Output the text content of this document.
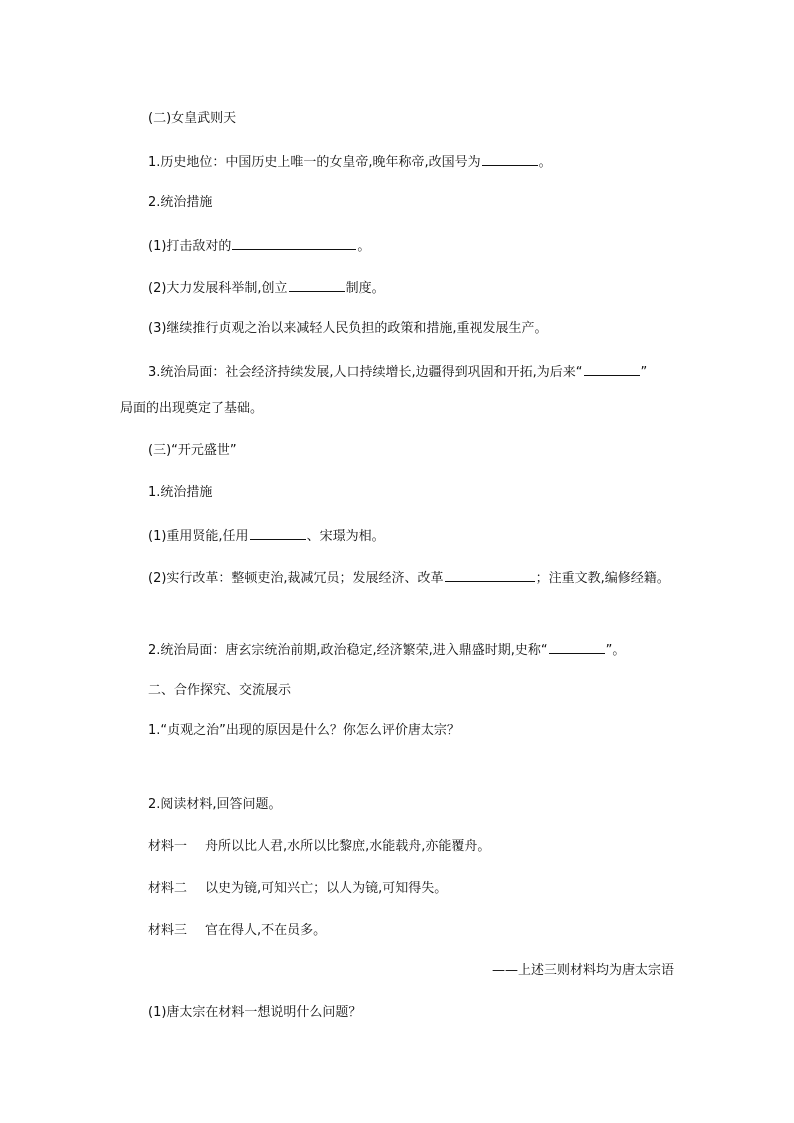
(二)女皇武则天
1.历史地位：中国历史上唯一的女皇帝,晚年称帝,改国号为	。
2.统治措施
(1)打击敌对的	。
(2)大力发展科举制,创立	制度。
(3)继续推行贞观之治以来减轻人民负担的政策和措施,重视发展生产。
3.统治局面：社会经济持续发展,人口持续增长,边疆得到巩固和开拓,为后来“	”
局面的出现奠定了基础。
(三)“开元盛世”
1.统治措施
(1)重用贤能,任用	、宋璟为相。
(2)实行改革：整顿吏治,裁减冗员；发展经济、改革	；注重文教,编修经籍。
2.统治局面：唐玄宗统治前期,政治稳定,经济繁荣,进入鼎盛时期,史称“	”。
二、合作探究、交流展示
1.“贞观之治”出现的原因是什么？你怎么评价唐太宗？
2.阅读材料,回答问题。
材料一 舟所以比人君,水所以比黎庶,水能载舟,亦能覆舟。
材料二 以史为镜,可知兴亡；以人为镜,可知得失。
材料三 官在得人,不在员多。
——上述三则材料均为唐太宗语
(1)唐太宗在材料一想说明什么问题？
